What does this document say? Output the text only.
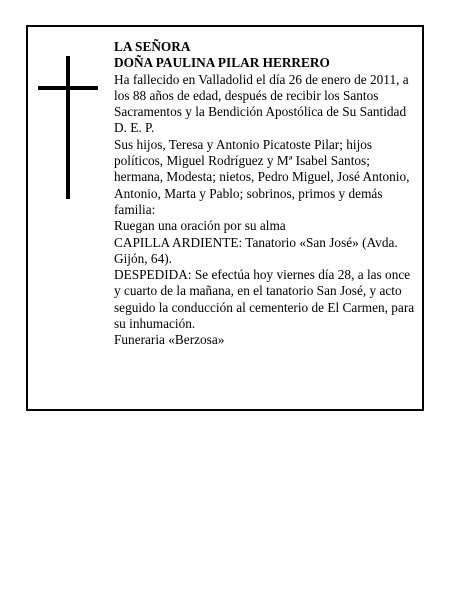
LA SEÑORA

DOÑA PAULINA PILAR HERRERO

Ha fallecido en Valladolid el día 26 de enero de 2011, a los 88 años de edad, después de recibir los Santos Sacramentos y la Bendición Apostólica de Su Santidad D. E. P.

Sus hijos, Teresa y Antonio Picatoste Pilar; hijos políticos, Miguel Rodríguez y Mª Isabel Santos; hermana, Modesta; nietos, Pedro Miguel, José Antonio, Antonio, Marta y Pablo; sobrinos, primos y demás familia:

Ruegan una oración por su alma

CAPILLA ARDIENTE: Tanatorio «San José» (Avda. Gijón, 64).

DESPEDIDA: Se efectúa hoy viernes día 28, a las once y cuarto de la mañana, en el tanatorio San José, y acto seguido la conducción al cementerio de El Carmen, para su inhumación.

Funeraria «Berzosa»
